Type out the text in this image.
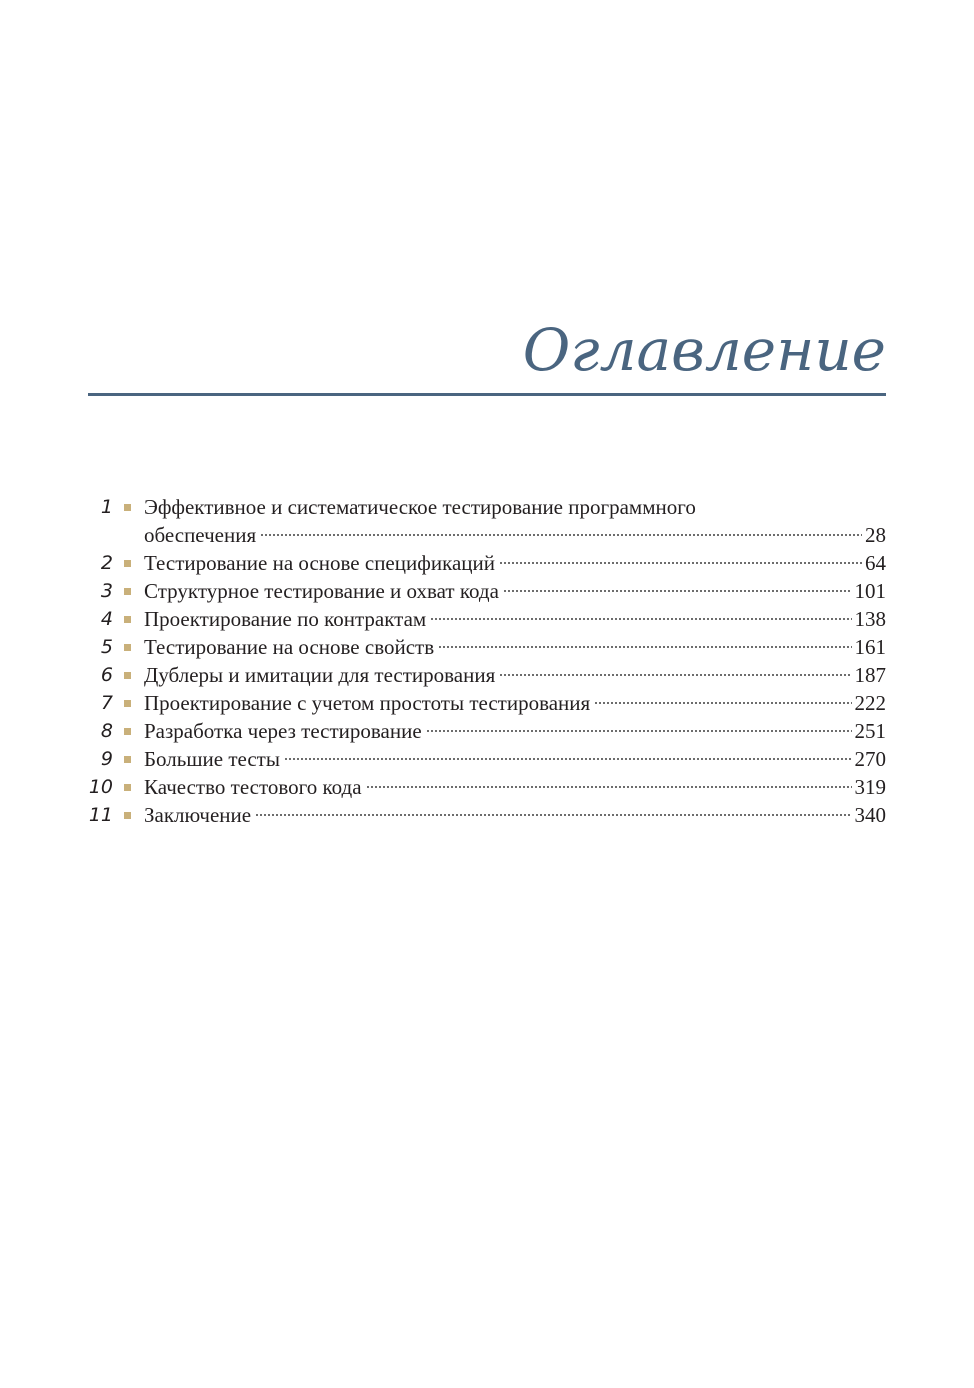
Оглавление
1 Эффективное и систематическое тестирование программного
обеспечения	28
2 Тестирование на основе спецификаций	64
3 Структурное тестирование и охват кода	101
4 Проектирование по контрактам	138
5 Тестирование на основе свойств	161
6 Дублеры и имитации для тестирования	187
7 Проектирование с учетом простоты тестирования	222
8 Разработка через тестирование	251
9 Большие тесты	270
10 Качество тестового кода	319
11 Заключение	340
